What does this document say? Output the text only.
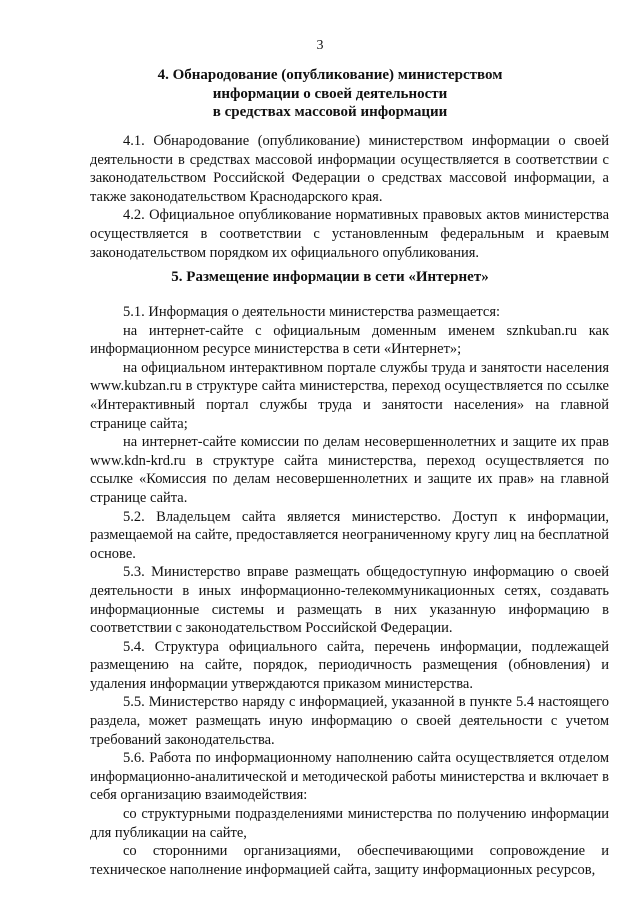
3
4. Обнародование (опубликование) министерством
информации о своей деятельности
в средствах массовой информации

4.1. Обнародование (опубликование) министерством информации о своей деятельности в средствах массовой информации осуществляется в соответствии с законодательством Российской Федерации о средствах массовой информации, а также законодательством Краснодарского края.

4.2. Официальное опубликование нормативных правовых актов министерства осуществляется в соответствии с установленным федеральным и краевым законодательством порядком их официального опубликования.

5. Размещение информации в сети «Интернет»

5.1. Информация о деятельности министерства размещается:

на интернет-сайте с официальным доменным именем sznkuban.ru как информационном ресурсе министерства в сети «Интернет»;

на официальном интерактивном портале службы труда и занятости населения www.kubzan.ru в структуре сайта министерства, переход осуществляется по ссылке «Интерактивный портал службы труда и занятости населения» на главной странице сайта;

на интернет-сайте комиссии по делам несовершеннолетних и защите их прав www.kdn-krd.ru в структуре сайта министерства, переход осуществляется по ссылке «Комиссия по делам несовершеннолетних и защите их прав» на главной странице сайта.

5.2. Владельцем сайта является министерство. Доступ к информации, размещаемой на сайте, предоставляется неограниченному кругу лиц на бесплатной основе.

5.3. Министерство вправе размещать общедоступную информацию о своей деятельности в иных информационно-телекоммуникационных сетях, создавать информационные системы и размещать в них указанную информацию в соответствии с законодательством Российской Федерации.

5.4. Структура официального сайта, перечень информации, подлежащей размещению на сайте, порядок, периодичность размещения (обновления) и удаления информации утверждаются приказом министерства.

5.5. Министерство наряду с информацией, указанной в пункте 5.4 настоящего раздела, может размещать иную информацию о своей деятельности с учетом требований законодательства.

5.6. Работа по информационному наполнению сайта осуществляется отделом информационно-аналитической и методической работы министерства и включает в себя организацию взаимодействия:

со структурными подразделениями министерства по получению информации для публикации на сайте,

со сторонними организациями, обеспечивающими сопровождение и техническое наполнение информацией сайта, защиту информационных ресурсов,
